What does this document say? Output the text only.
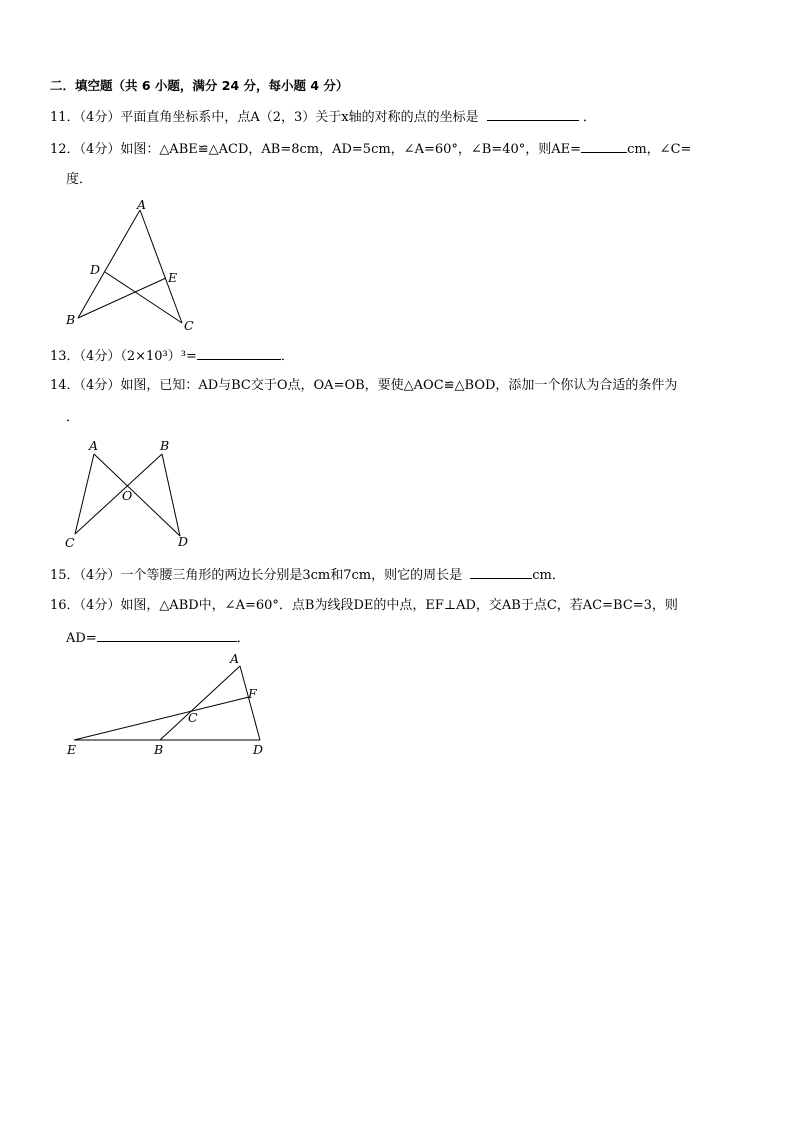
二．填空题（共 6 小题，满分 24 分，每小题 4 分）
11．（4分）平面直角坐标系中，点A（2，3）关于x轴的对称的点的坐标是	．
12．（4分）如图：△ABE≌△ACD，AB=8cm，AD=5cm，∠A=60°，∠B=40°，则AE=	cm，∠C=
度．
A
D
E
B	C
13．（4分）（2×10³）³=	．
14．（4分）如图，已知：AD与BC交于O点，OA=OB，要使△AOC≌△BOD，添加一个你认为合适的条件为
．
A	B
O
C	D
15．（4分）一个等腰三角形的两边长分别是3cm和7cm，则它的周长是	cm．
16．（4分）如图，△ABD中，∠A=60°．点B为线段DE的中点，EF⊥AD，交AB于点C，若AC=BC=3，则
AD=	．
A
F
C
E	B	D
